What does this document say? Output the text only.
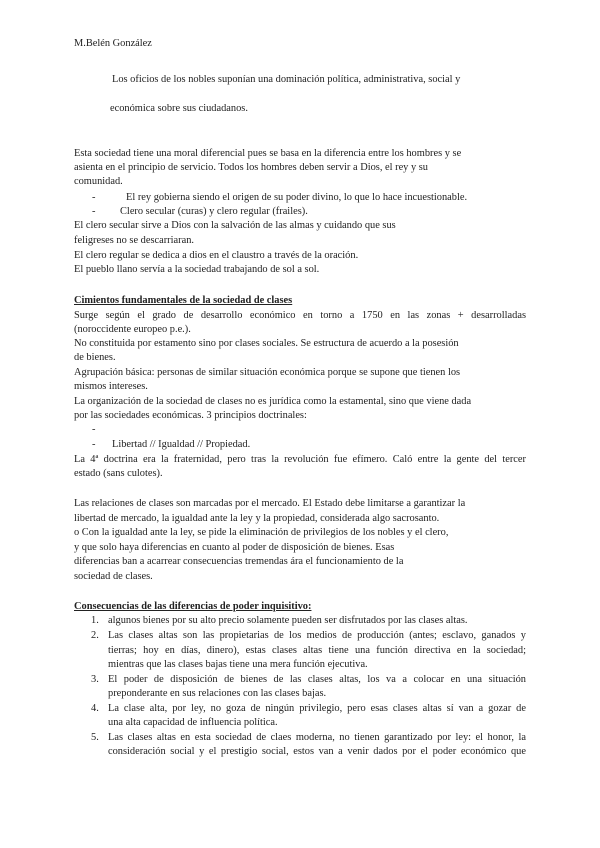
M.Belén González
Los oficios de los nobles suponían una dominación política, administrativa, social y
económica sobre sus ciudadanos.
Esta sociedad tiene una moral diferencial pues se basa en la diferencia entre los hombres y se
asienta en el principio de servicio. Todos los hombres deben servir a Dios, el rey y su
comunidad.
-	El rey gobierna siendo el origen de su poder divino, lo que lo hace incuestionable.
- Clero secular (curas) y clero regular (frailes).
El clero secular sirve a Dios con la salvación de las almas y cuidando que sus
feligreses no se descarriaran.
El clero regular se dedica a dios en el claustro a través de la oración.
El pueblo llano servía a la sociedad trabajando de sol a sol.
Cimientos fundamentales de la sociedad de clases
Surge según el grado de desarrollo económico en torno a 1750 en las zonas + desarrolladas
(noroccidente europeo p.e.).
No constituida por estamento sino por clases sociales. Se estructura de acuerdo a la posesión
de bienes.
Agrupación básica: personas de similar situación económica porque se supone que tienen los
mismos intereses.
La organización de la sociedad de clases no es jurídica como la estamental, sino que viene dada
por las sociedades económicas. 3 principios doctrinales:
-
- Libertad // Igualdad // Propiedad.
La 4ª doctrina era la fraternidad, pero tras la revolución fue efímero. Caló entre la gente del tercer
estado (sans culotes).
Las relaciones de clases son marcadas por el mercado. El Estado debe limitarse a garantizar la
libertad de mercado, la igualdad ante la ley y la propiedad, considerada algo sacrosanto.
o Con la igualdad ante la ley, se pide la eliminación de privilegios de los nobles y el clero,
y que solo haya diferencias en cuanto al poder de disposición de bienes. Esas
diferencias ban a acarrear consecuencias tremendas ára el funcionamiento de la
sociedad de clases.
Consecuencias de las diferencias de poder inquisitivo:
1. algunos bienes por su alto precio solamente pueden ser disfrutados por las clases altas.
2. Las clases altas son las propietarias de los medios de producción (antes; esclavo, ganados y
tierras; hoy en días, dinero), estas clases altas tiene una función directiva en la sociedad;
mientras que las clases bajas tiene una mera función ejecutiva.
3. El poder de disposición de bienes de las clases altas, los va a colocar en una situación
preponderante en sus relaciones con las clases bajas.
4. La clase alta, por ley, no goza de ningún privilegio, pero esas clases altas sí van a gozar de
una alta capacidad de influencia política.
5. Las clases altas en esta sociedad de claes moderna, no tienen garantizado por ley: el honor, la
consideración social y el prestigio social, estos van a venir dados por el poder económico que
